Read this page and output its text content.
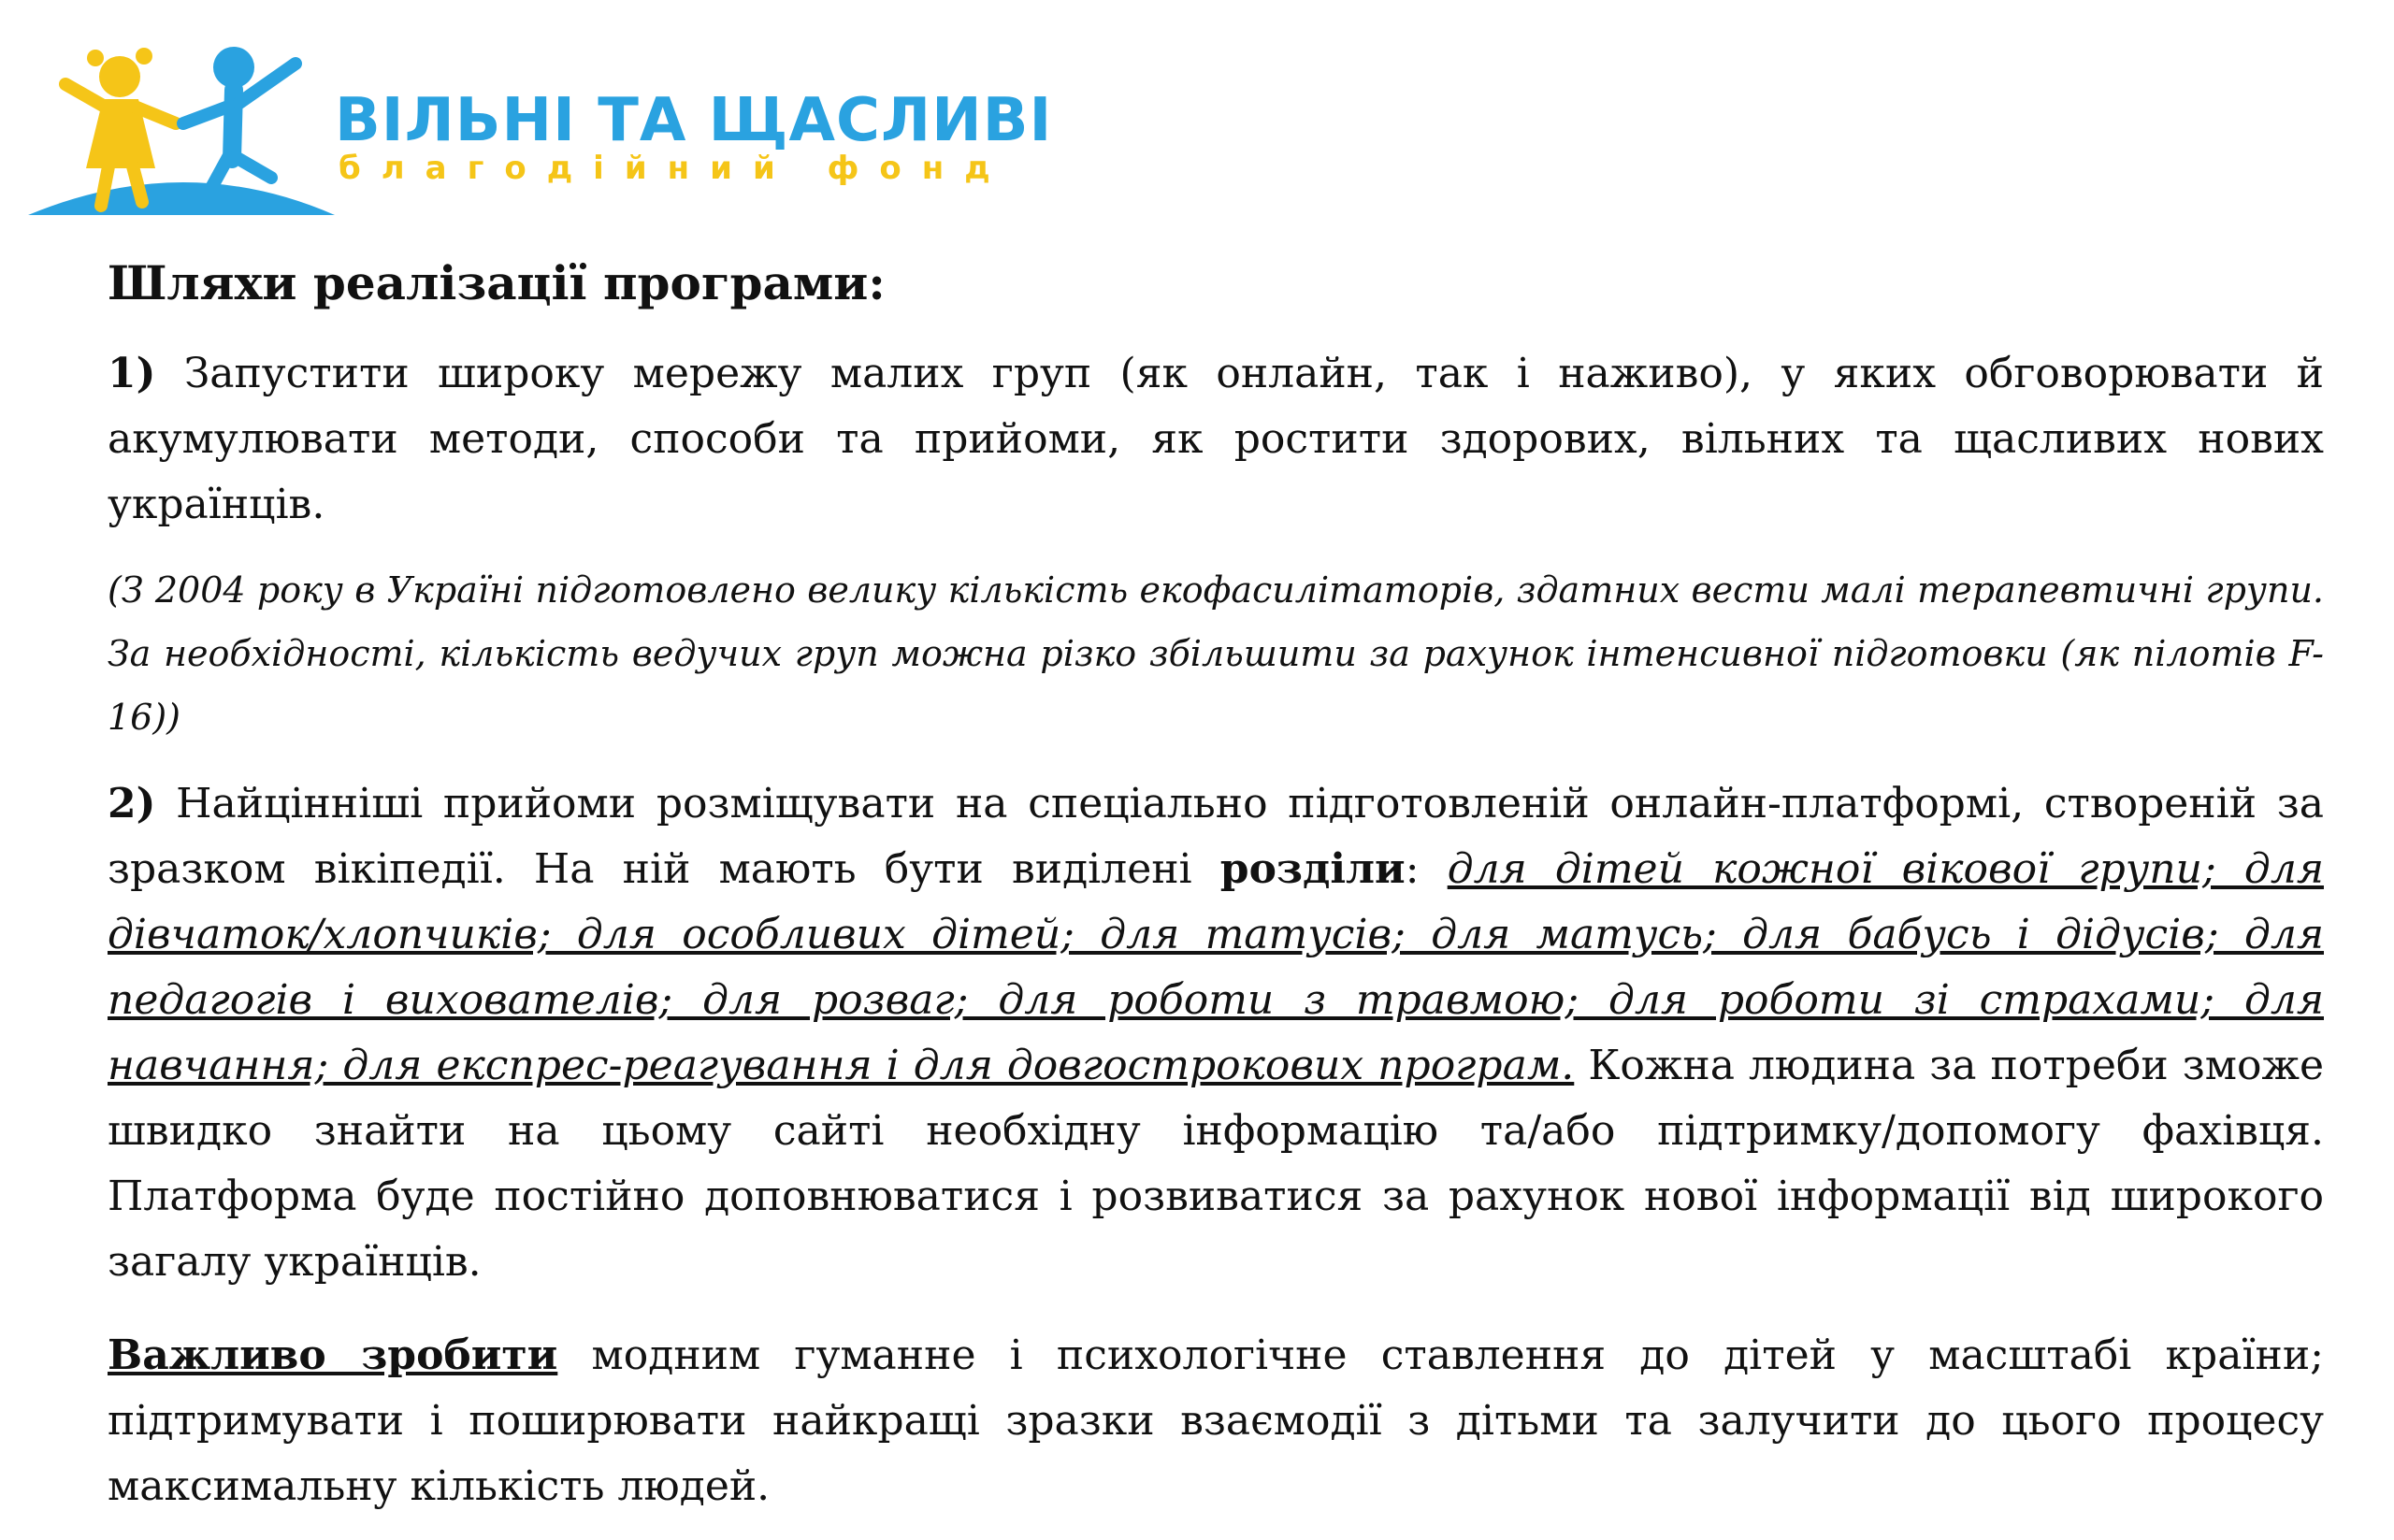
ВІЛЬНІ ТА ЩАСЛИВІ
благодійний фонд
Шляхи реалізації програми:

1) Запустити широку мережу малих груп (як онлайн, так і наживо), у яких обговорювати й акумулювати методи, способи та прийоми, як ростити здорових, вільних та щасливих нових українців.

(З 2004 року в Україні підготовлено велику кількість екофасилітаторів, здатних вести малі терапевтичні групи. За необхідності, кількість ведучих груп можна різко збільшити за рахунок інтенсивної підготовки (як пілотів F-16))

2) Найцінніші прийоми розміщувати на спеціально підготовленій онлайн-платформі, створеній за зразком вікіпедії. На ній мають бути виділені розділи: для дітей кожної вікової групи; для дівчаток/хлопчиків; для особливих дітей; для татусів; для матусь; для бабусь і дідусів; для педагогів і вихователів; для розваг; для роботи з травмою; для роботи зі страхами; для навчання; для експрес-реагування і для довгострокових програм. Кожна людина за потреби зможе швидко знайти на цьому сайті необхідну інформацію та/або підтримку/допомогу фахівця. Платформа буде постійно доповнюватися і розвиватися за рахунок нової інформації від широкого загалу українців.

Важливо зробити модним гуманне і психологічне ставлення до дітей у масштабі країни; підтримувати і поширювати найкращі зразки взаємодії з дітьми та залучити до цього процесу максимальну кількість людей.
